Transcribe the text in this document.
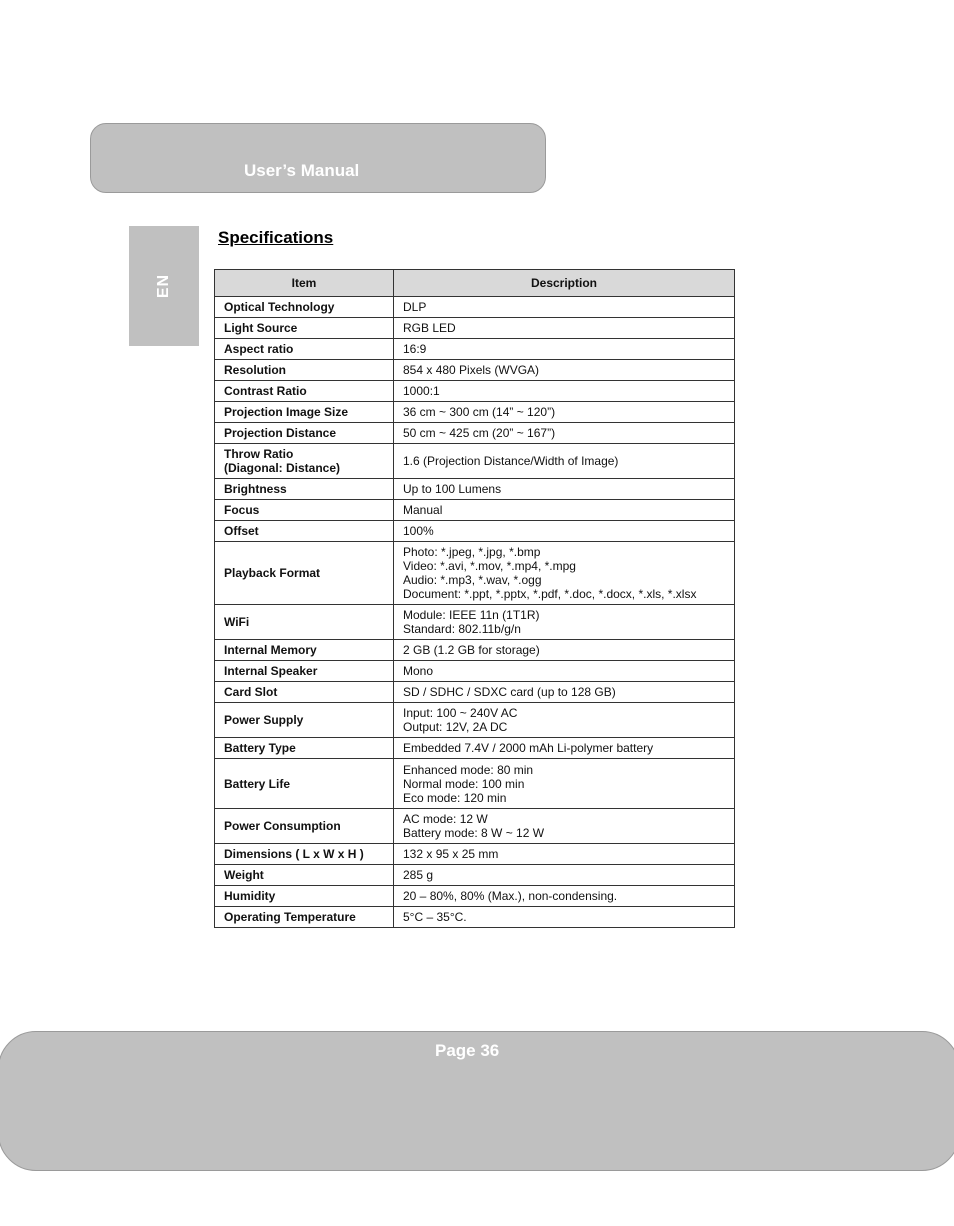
User’s Manual
EN
Specifications
Item	Description
Optical Technology	DLP
Light Source	RGB LED
Aspect ratio	16:9
Resolution	854 x 480 Pixels (WVGA)
Contrast Ratio	1000:1
Projection Image Size	36 cm ~ 300 cm (14” ~ 120”)
Projection Distance	50 cm ~ 425 cm (20” ~ 167”)
Throw Ratio
(Diagonal: Distance)	1.6 (Projection Distance/Width of Image)
Brightness	Up to 100 Lumens
Focus	Manual
Offset	100%
Playback Format	Photo: *.jpeg, *.jpg, *.bmp
Video: *.avi, *.mov, *.mp4, *.mpg
Audio: *.mp3, *.wav, *.ogg
Document: *.ppt, *.pptx, *.pdf, *.doc, *.docx, *.xls, *.xlsx
WiFi	Module: IEEE 11n (1T1R)
Standard: 802.11b/g/n
Internal Memory	2 GB (1.2 GB for storage)
Internal Speaker	Mono
Card Slot	SD / SDHC / SDXC card (up to 128 GB)
Power Supply	Input: 100 ~ 240V AC
Output: 12V, 2A DC
Battery Type	Embedded 7.4V / 2000 mAh Li-polymer battery
Battery Life	Enhanced mode: 80 min
Normal mode: 100 min
Eco mode: 120 min
Power Consumption	AC mode: 12 W
Battery mode: 8 W ~ 12 W
Dimensions ( L x W x H )	132 x 95 x 25 mm
Weight	285 g
Humidity	20 – 80%, 80% (Max.), non-condensing.
Operating Temperature	5°C – 35°C.
Page 36
